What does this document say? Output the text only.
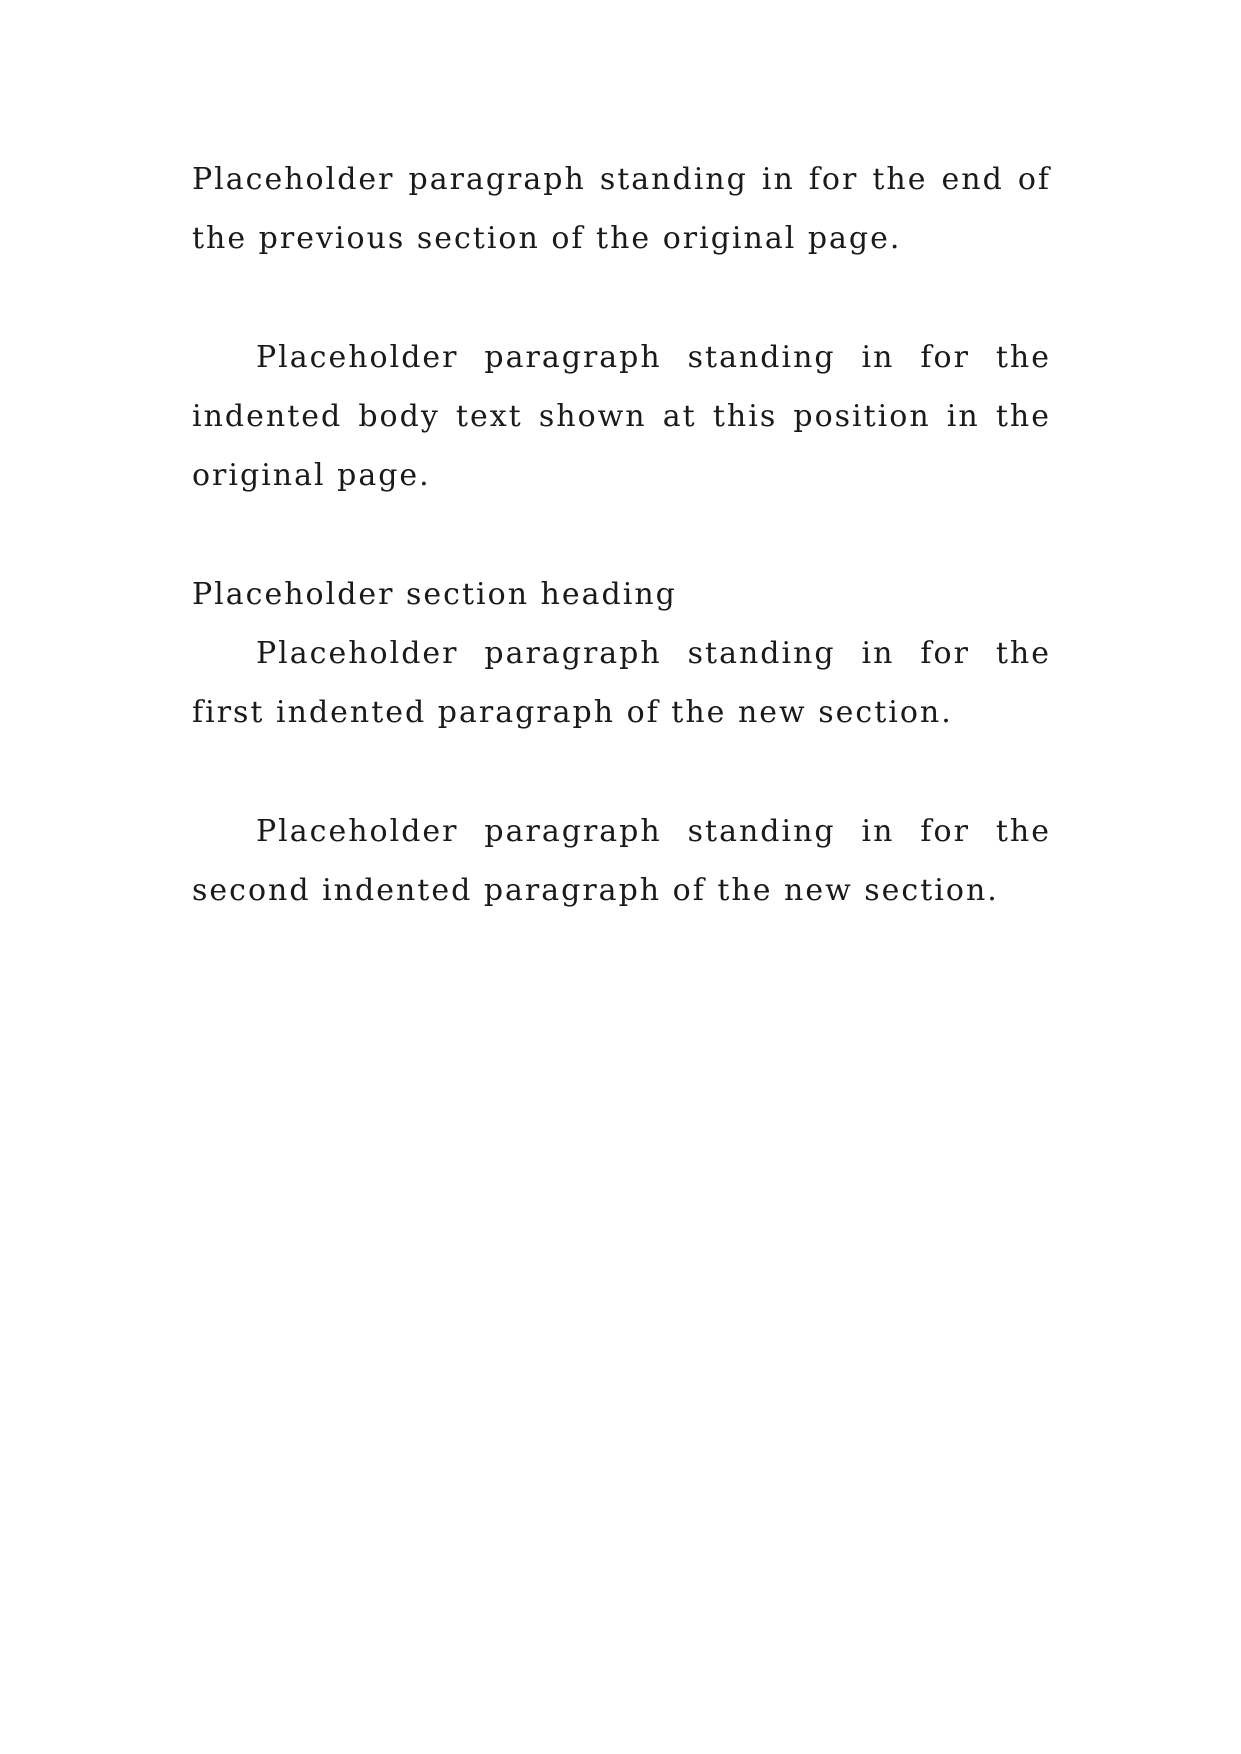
Placeholder paragraph standing in for the end of the previous section of the original page.

Placeholder paragraph standing in for the indented body text shown at this position in the original page.

Placeholder section heading

Placeholder paragraph standing in for the first indented paragraph of the new section.

Placeholder paragraph standing in for the second indented paragraph of the new section.
